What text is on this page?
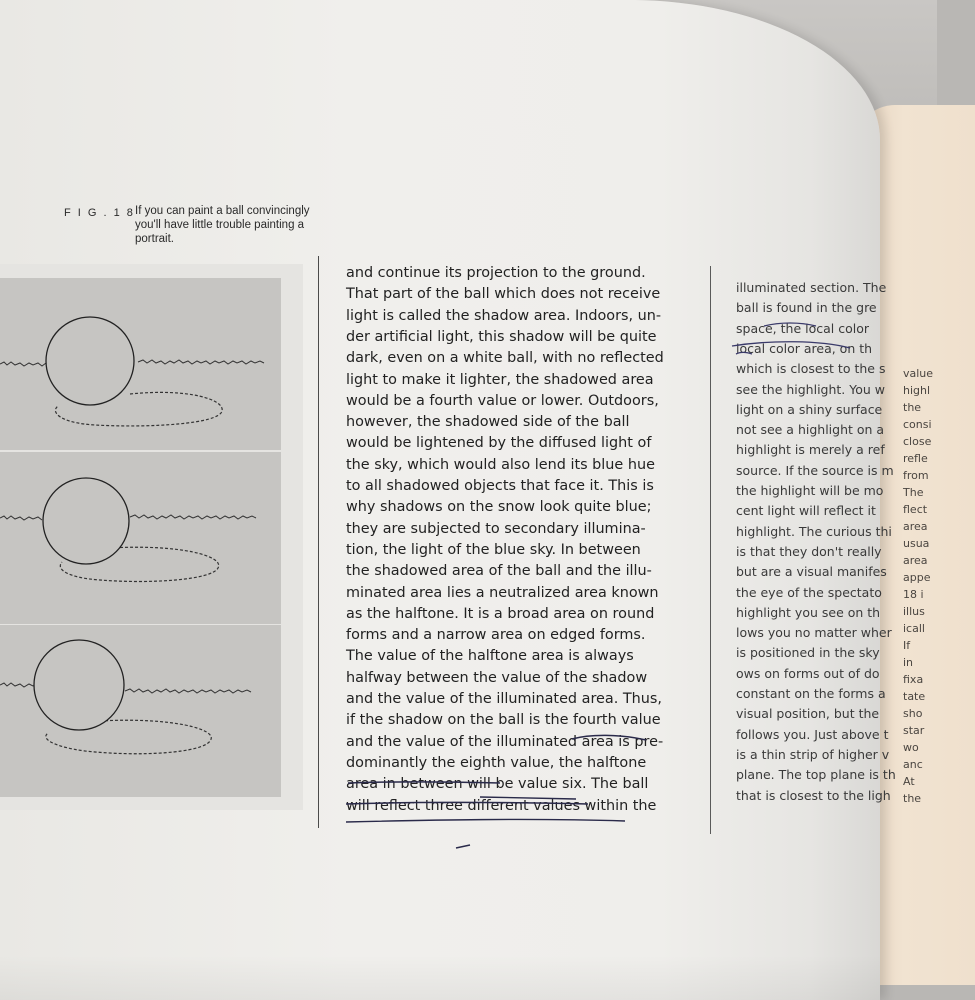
F I G . 1 8 If you can paint a ball convincingly you'll have little trouble painting a portrait.
and continue its projection to the ground.
That part of the ball which does not receive
light is called the shadow area. Indoors, un-
der artificial light, this shadow will be quite
dark, even on a white ball, with no reflected
light to make it lighter, the shadowed area
would be a fourth value or lower. Outdoors,
however, the shadowed side of the ball
would be lightened by the diffused light of
the sky, which would also lend its blue hue
to all shadowed objects that face it. This is
why shadows on the snow look quite blue;
they are subjected to secondary illumina-
tion, the light of the blue sky. In between
the shadowed area of the ball and the illu-
minated area lies a neutralized area known
as the halftone. It is a broad area on round
forms and a narrow area on edged forms.
The value of the halftone area is always
halfway between the value of the shadow
and the value of the illuminated area. Thus,
if the shadow on the ball is the fourth value
and the value of the illuminated area is pre-
dominantly the eighth value, the halftone
area in between will be value six. The ball
will reflect three different values within the
illuminated section. The
ball is found in the gre
space, the local color
local color area, on th
which is closest to the s
see the highlight. You w
light on a shiny surface
not see a highlight on a
highlight is merely a ref
source. If the source is m
the highlight will be mo
cent light will reflect it
highlight. The curious thi
is that they don't really
but are a visual manifes
the eye of the spectato
highlight you see on th
lows you no matter wher
is positioned in the sky
ows on forms out of do
constant on the forms a
visual position, but the
follows you. Just above t
is a thin strip of higher v
plane. The top plane is th
that is closest to the ligh
value
highl
the
consi
close
refle
from
The
flect
area
usua
area
appe
18 i
illus
icall
If
in
fixa
tate
sho
star
wo
anc
At
the
